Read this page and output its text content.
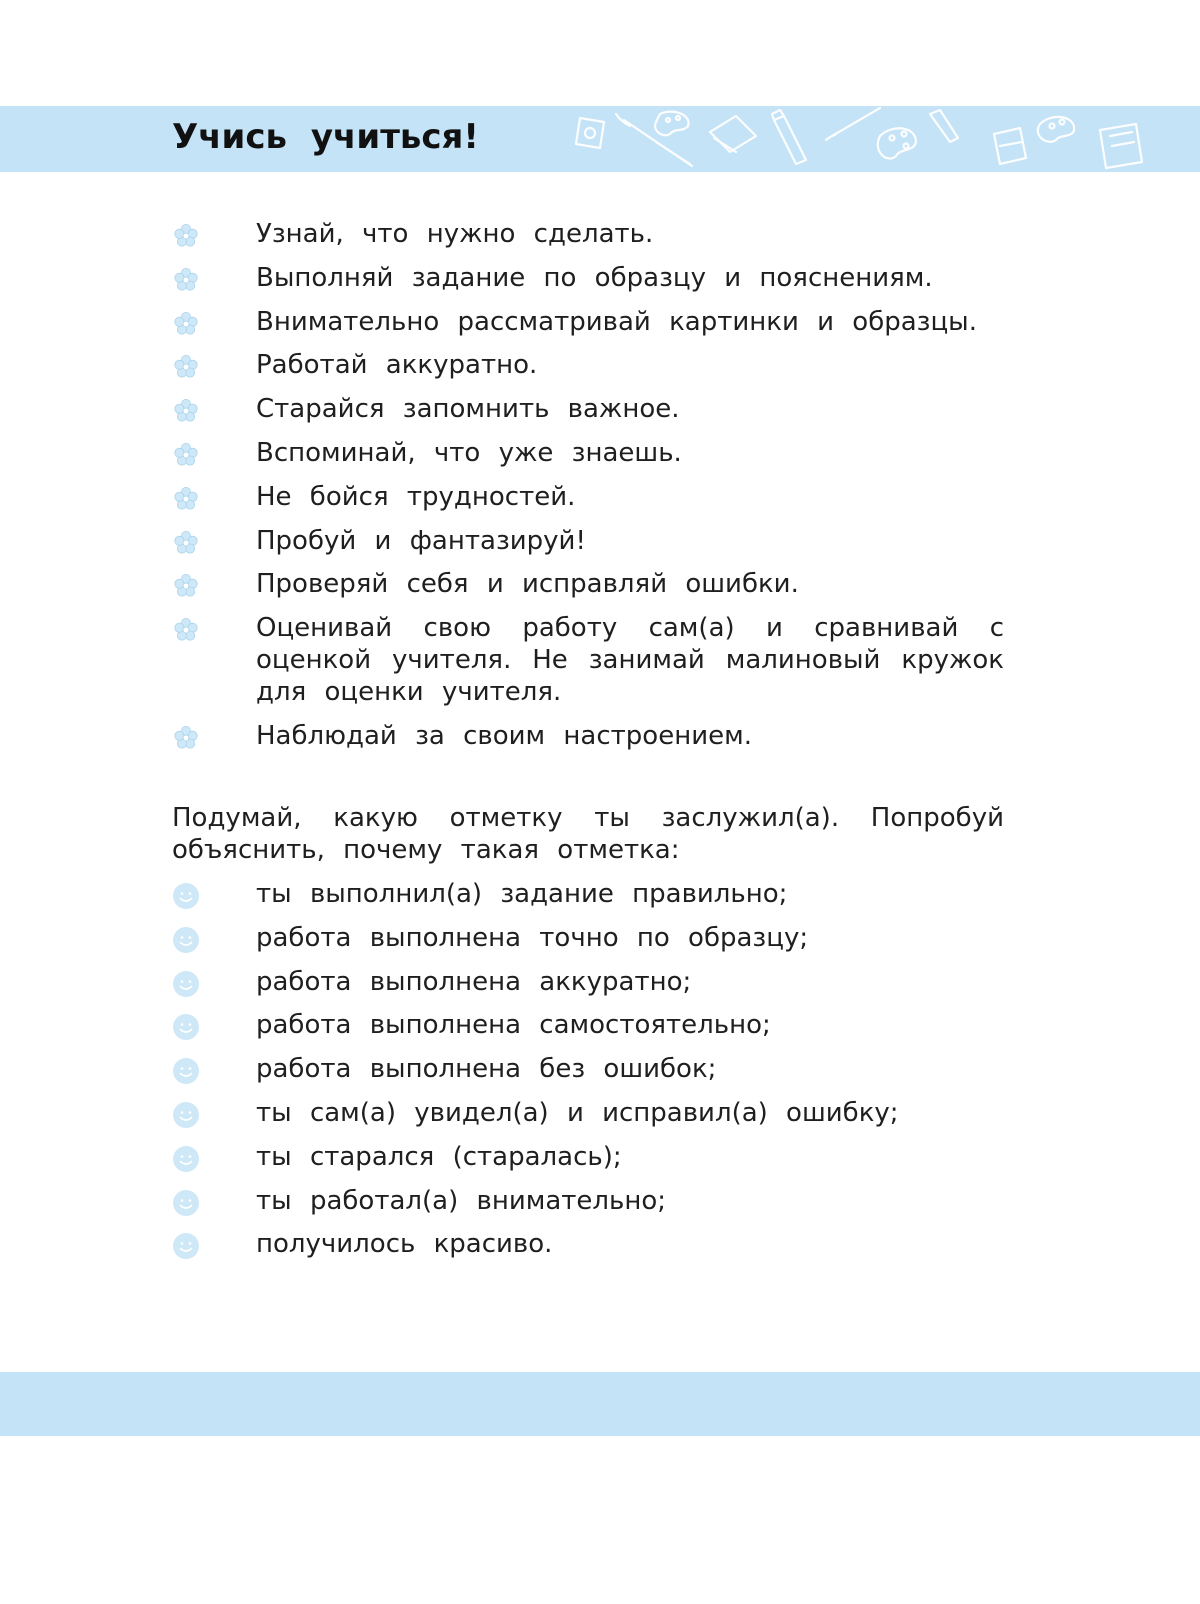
Учись учиться!
Узнай, что нужно сделать.
Выполняй задание по образцу и пояснениям.
Внимательно рассматривай картинки и образцы.
Работай аккуратно.
Старайся запомнить важное.
Вспоминай, что уже знаешь.
Не бойся трудностей.
Пробуй и фантазируй!
Проверяй себя и исправляй ошибки.
Оценивай свою работу сам(а) и сравнивай с оценкой учителя. Не занимай малиновый кружок для оценки учителя.
Наблюдай за своим настроением.

Подумай, какую отметку ты заслужил(а). Попробуй объяснить, почему такая отметка:

ты выполнил(а) задание правильно;
работа выполнена точно по образцу;
работа выполнена аккуратно;
работа выполнена самостоятельно;
работа выполнена без ошибок;
ты сам(а) увидел(а) и исправил(а) ошибку;
ты старался (старалась);
ты работал(а) внимательно;
получилось красиво.
